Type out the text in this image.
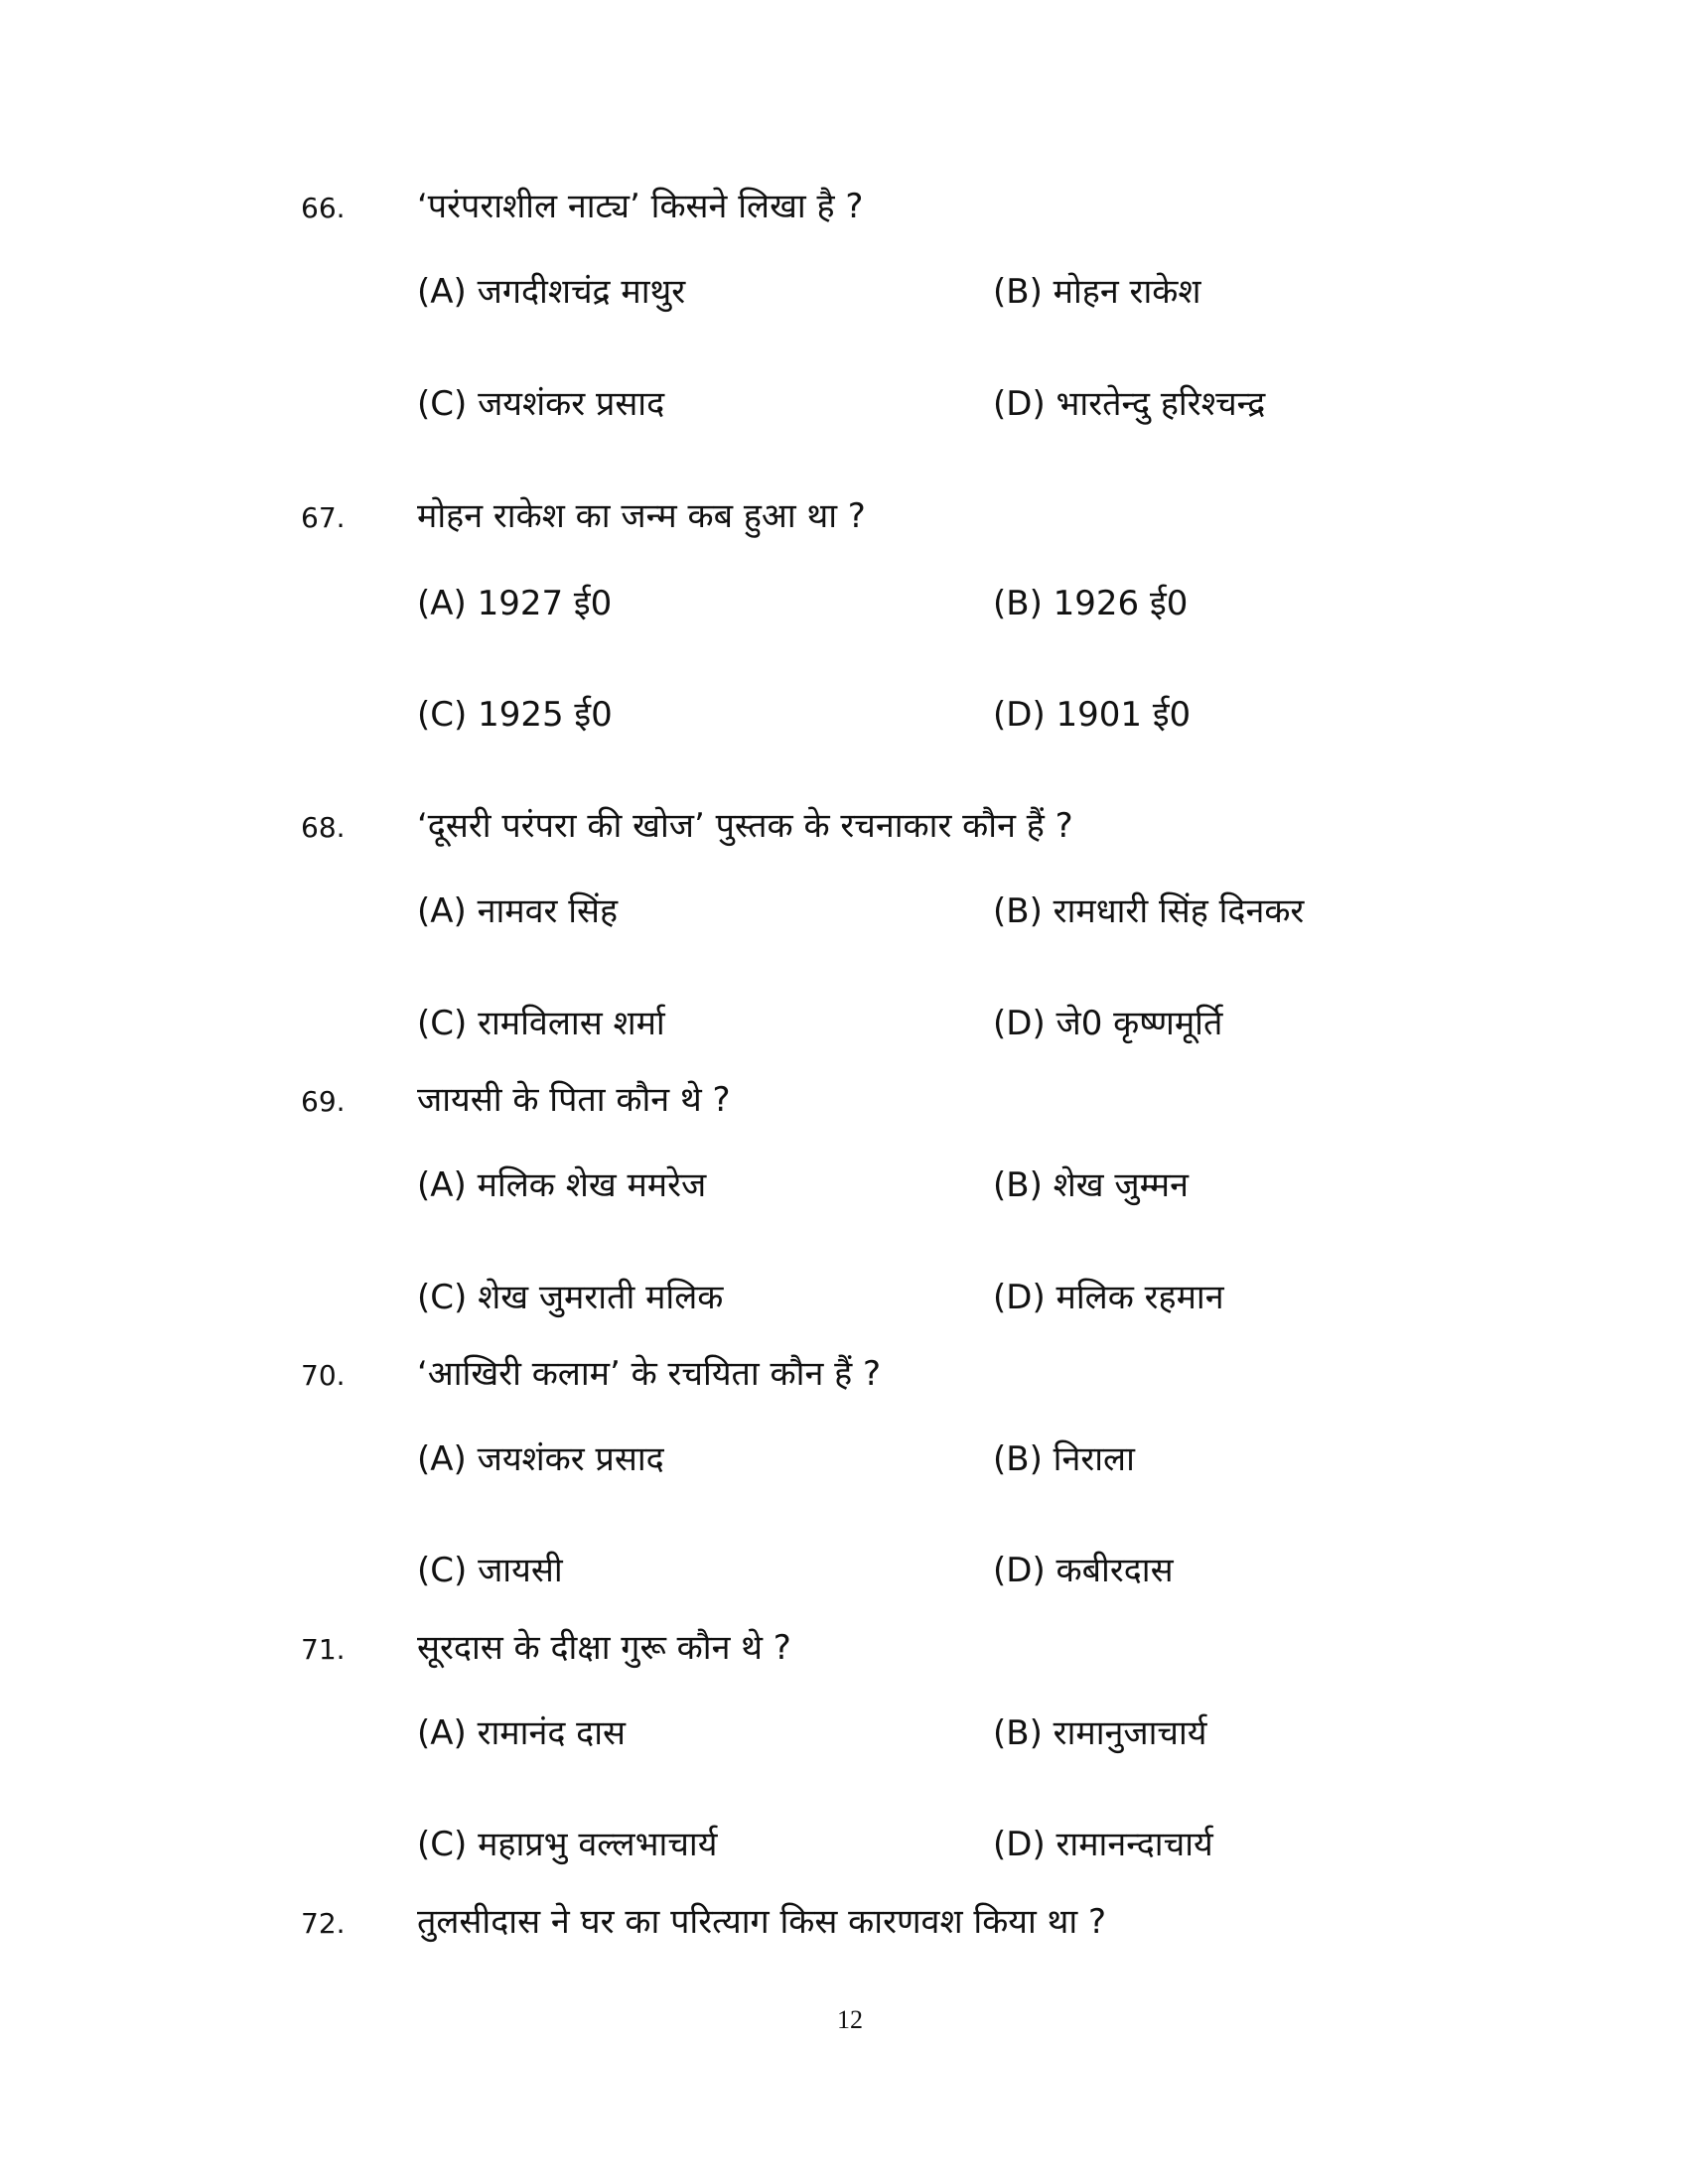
66. ‘परंपराशील नाट्य’ किसने लिखा है ?
(A) जगदीशचंद्र माथुर	(B) मोहन राकेश
(C) जयशंकर प्रसाद	(D) भारतेन्दु हरिश्चन्द्र
67. मोहन राकेश का जन्म कब हुआ था ?
(A) 1927 ई0	(B) 1926 ई0
(C) 1925 ई0	(D) 1901 ई0
68. ‘दूसरी परंपरा की खोज’ पुस्तक के रचनाकार कौन हैं ?
(A) नामवर सिंह	(B) रामधारी सिंह दिनकर
(C) रामविलास शर्मा	(D) जे0 कृष्णमूर्ति
69. जायसी के पिता कौन थे ?
(A) मलिक शेख ममरेज	(B) शेख जुम्मन
(C) शेख जुमराती मलिक	(D) मलिक रहमान
70. ‘आखिरी कलाम’ के रचयिता कौन हैं ?
(A) जयशंकर प्रसाद	(B) निराला
(C) जायसी	(D) कबीरदास
71. सूरदास के दीक्षा गुरू कौन थे ?
(A) रामानंद दास	(B) रामानुजाचार्य
(C) महाप्रभु वल्लभाचार्य	(D) रामानन्दाचार्य
72. तुलसीदास ने घर का परित्याग किस कारणवश किया था ?
12
